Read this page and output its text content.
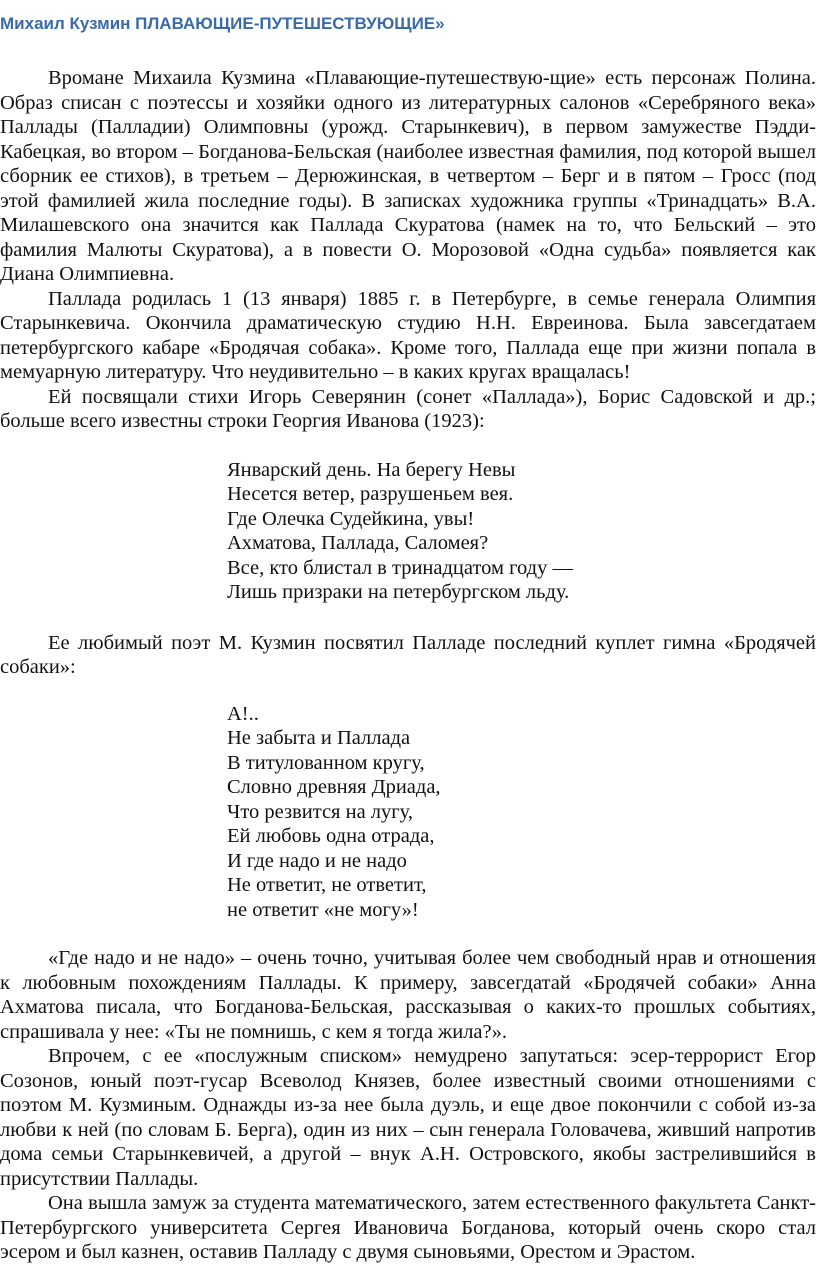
Михаил Кузмин ПЛАВАЮЩИЕ-ПУТЕШЕСТВУЮЩИЕ»

Вромане Михаила Кузмина «Плавающие-путешествую-щие» есть персонаж Полина. Образ списан с поэтессы и хозяйки одного из литературных салонов «Серебряного века» Паллады (Палладии) Олимповны (урожд. Старынкевич), в первом замужестве Пэдди-Кабецкая, во втором – Богданова-Бельская (наиболее известная фамилия, под которой вышел сборник ее стихов), в третьем – Дерюжинская, в четвертом – Берг и в пятом – Гросс (под этой фамилией жила последние годы). В записках художника группы «Тринадцать» В.А. Милашевского она значится как Паллада Скуратова (намек на то, что Бельский – это фамилия Малюты Скуратова), а в повести О. Морозовой «Одна судьба» появляется как Диана Олимпиевна.

Паллада родилась 1 (13 января) 1885 г. в Петербурге, в семье генерала Олимпия Старынкевича. Окончила драматическую студию Н.Н. Евреинова. Была завсегдатаем петербургского кабаре «Бродячая собака». Кроме того, Паллада еще при жизни попала в мемуарную литературу. Что неудивительно – в каких кругах вращалась!

Ей посвящали стихи Игорь Северянин (сонет «Паллада»), Борис Садовской и др.; больше всего известны строки Георгия Иванова (1923):

Январский день. На берегу Невы
Несется ветер, разрушеньем вея.
Где Олечка Судейкина, увы!
Ахматова, Паллада, Саломея?
Все, кто блистал в тринадцатом году —
Лишь призраки на петербургском льду.

Ее любимый поэт М. Кузмин посвятил Палладе последний куплет гимна «Бродячей собаки»:

А!..
Не забыта и Паллада
В титулованном кругу,
Словно древняя Дриада,
Что резвится на лугу,
Ей любовь одна отрада,
И где надо и не надо
Не ответит, не ответит,
не ответит «не могу»!

«Где надо и не надо» – очень точно, учитывая более чем свободный нрав и отношения к любовным похождениям Паллады. К примеру, завсегдатай «Бродячей собаки» Анна Ахматова писала, что Богданова-Бельская, рассказывая о каких-то прошлых событиях, спрашивала у нее: «Ты не помнишь, с кем я тогда жила?».

Впрочем, с ее «послужным списком» немудрено запутаться: эсер-террорист Егор Созонов, юный поэт-гусар Всеволод Князев, более известный своими отношениями с поэтом М. Кузминым. Однажды из-за нее была дуэль, и еще двое покончили с собой из-за любви к ней (по словам Б. Берга), один из них – сын генерала Головачева, живший напротив дома семьи Старынкевичей, а другой – внук А.Н. Островского, якобы застрелившийся в присутствии Паллады.

Она вышла замуж за студента математического, затем естественного факультета Санкт-Петербургского университета Сергея Ивановича Богданова, который очень скоро стал эсером и был казнен, оставив Палладу с двумя сыновьями, Орестом и Эрастом.
